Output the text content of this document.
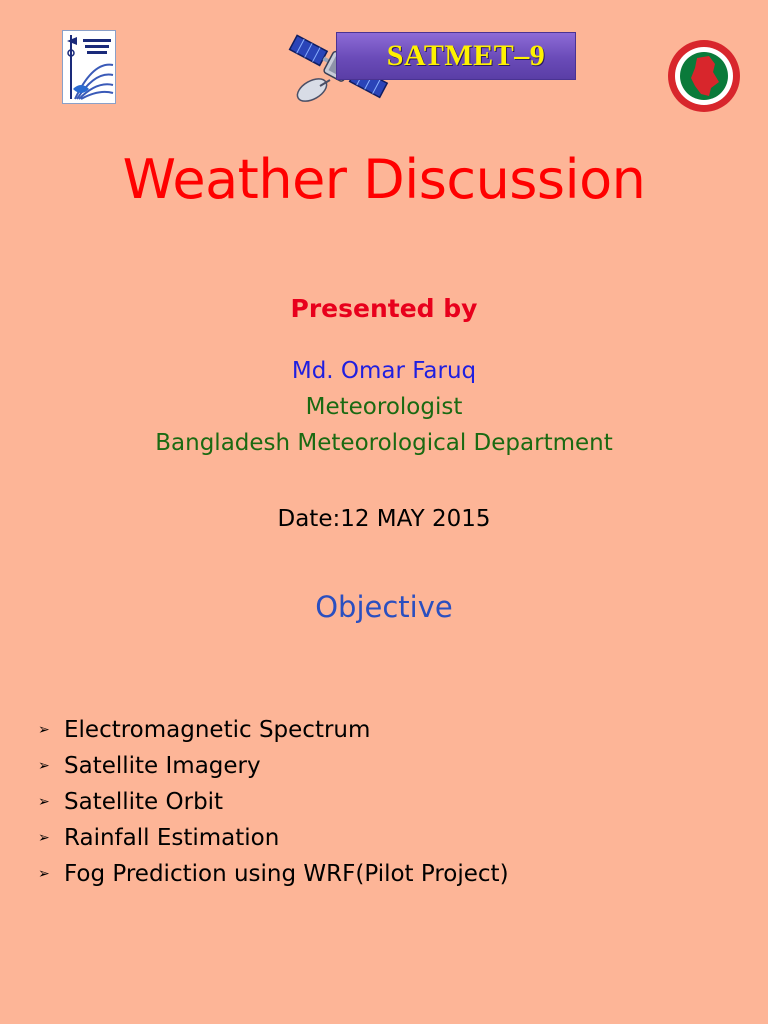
SATMET–9
Weather Discussion
Presented by
Md. Omar Faruq
Meteorologist
Bangladesh Meteorological Department
Date:12 MAY 2015
Objective
➢ Electromagnetic Spectrum
➢ Satellite Imagery
➢ Satellite Orbit
➢ Rainfall Estimation
➢ Fog Prediction using WRF(Pilot Project)
